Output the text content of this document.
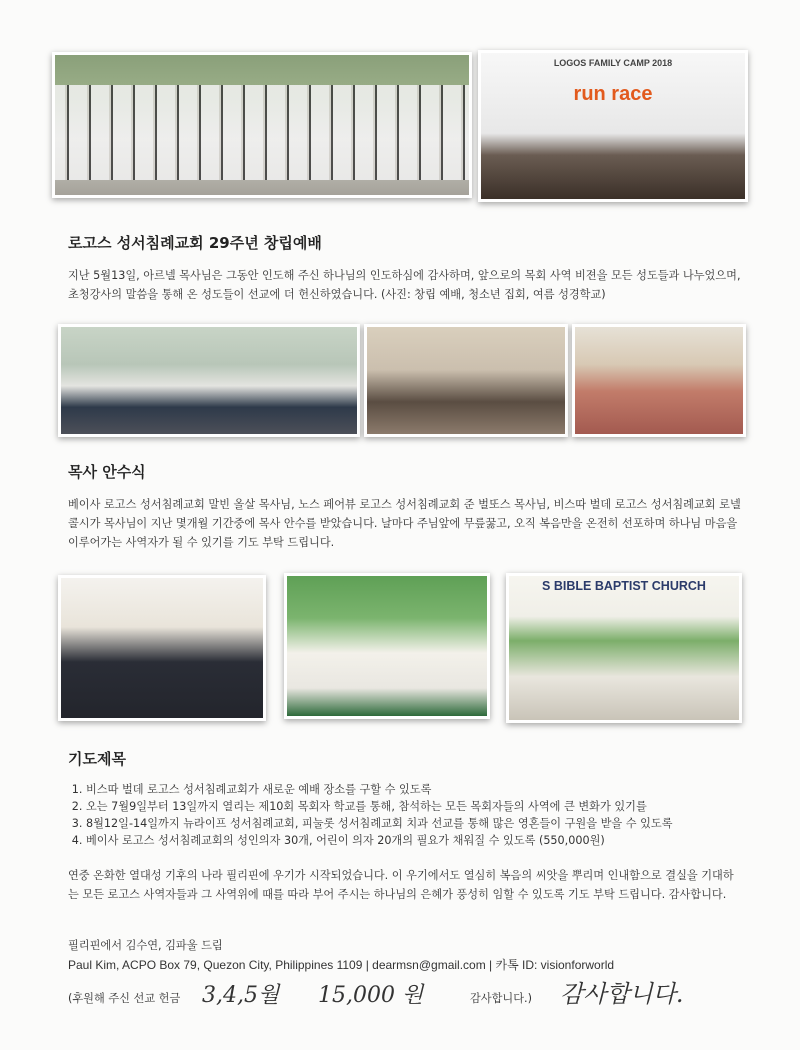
LOGOS FAMILY CAMP 2018
run race
로고스 성서침례교회 29주년 창립예배

지난 5월13일, 아르넬 목사님은 그동안 인도해 주신 하나님의 인도하심에 감사하며, 앞으로의 목회 사역 비젼을 모든 성도들과 나누었으며, 초청강사의 말씀을 통해 온 성도들이 선교에 더 헌신하였습니다. (사진: 창립 예배, 청소년 집회, 여름 성경학교)

목사 안수식

베이사 로고스 성서침례교회 말빈 올살 목사님, 노스 페어뷰 로고스 성서침례교회 준 벌또스 목사님, 비스따 벌데 로고스 성서침례교회 로넬 콜시가 목사님이 지난 몇개월 기간중에 목사 안수를 받았습니다. 날마다 주님앞에 무릎꿇고, 오직 복음만을 온전히 선포하며 하나님 마음을 이루어가는 사역자가 될 수 있기를 기도 부탁 드립니다.

S BIBLE BAPTIST CHURCH
기도제목
1. 비스따 벌데 로고스 성서침례교회가 새로운 예배 장소를 구할 수 있도록
2. 오는 7월9일부터 13일까지 열리는 제10회 목회자 학교를 통해, 참석하는 모든 목회자들의 사역에 큰 변화가 있기를
3. 8월12일-14일까지 뉴라이프 성서침례교회, 피눌롯 성서침례교회 치과 선교를 통해 많은 영혼들이 구원을 받을 수 있도록
4. 베이사 로고스 성서침례교회의 성인의자 30개, 어린이 의자 20개의 필요가 채워질 수 있도록 (550,000원)

연중 온화한 열대성 기후의 나라 필리핀에 우기가 시작되었습니다. 이 우기에서도 열심히 복음의 씨앗을 뿌리며 인내함으로 결실을 기대하는 모든 로고스 사역자들과 그 사역위에 때를 따라 부어 주시는 하나님의 은혜가 풍성히 임할 수 있도록 기도 부탁 드립니다. 감사합니다.

필리핀에서 김수연, 김파울 드림
Paul Kim, ACPO Box 79, Quezon City, Philippines 1109 | dearmsn@gmail.com | 카톡 ID: visionforworld
(후원해 주신 선교 헌금 3,4,5월 15,000 원	감사합니다.) 감사합니다.
